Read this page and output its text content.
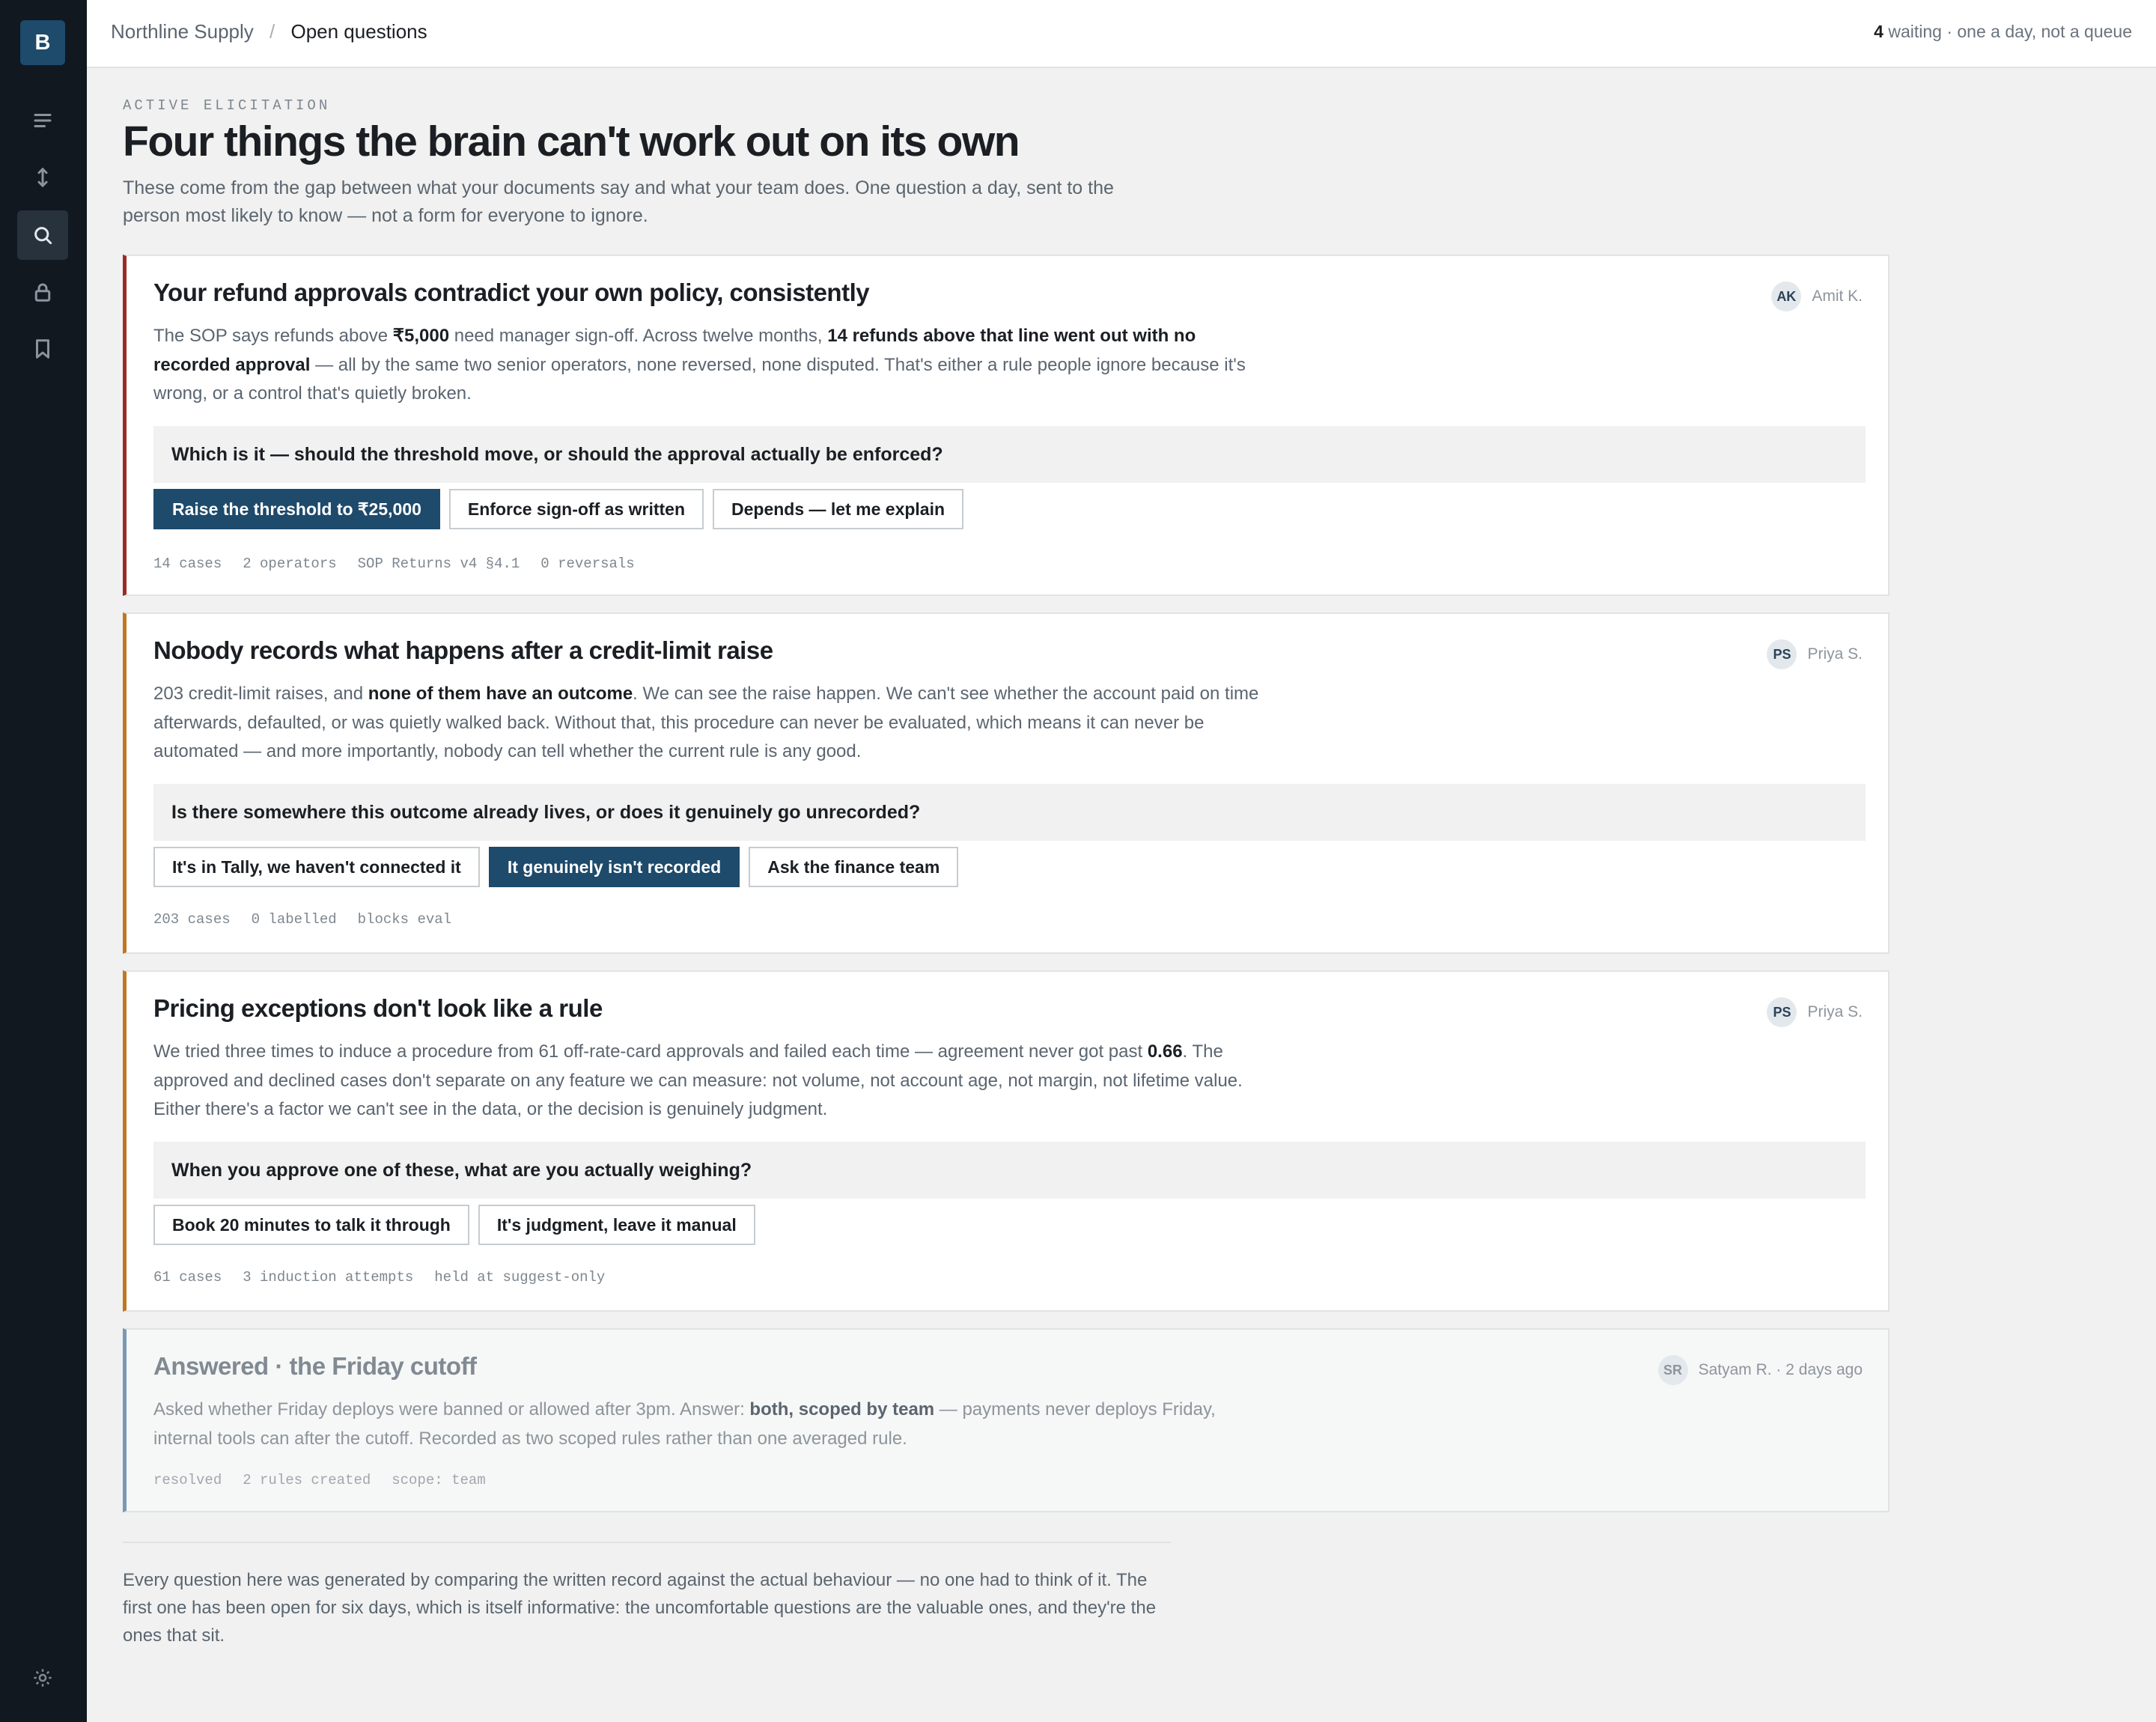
B	Northline Supply / Open questions	4 waiting · one a day, not a queue
ACTIVE ELICITATION
Four things the brain can't work out on its own
These come from the gap between what your documents say and what your team does. One question a day, sent to the person most likely to know — not a form for everyone to ignore.
Your refund approvals contradict your own policy, consistently	AK	Amit K.
The SOP says refunds above ₹5,000 need manager sign-off. Across twelve months, 14 refunds above that line went out with no recorded approval — all by the same two senior operators, none reversed, none disputed. That's either a rule people ignore because it's wrong, or a control that's quietly broken.
Which is it — should the threshold move, or should the approval actually be enforced?
Raise the threshold to ₹25,000	Enforce sign-off as written	Depends — let me explain
14 cases 2 operators SOP Returns v4 §4.1 0 reversals
Nobody records what happens after a credit-limit raise	PS	Priya S.
203 credit-limit raises, and none of them have an outcome. We can see the raise happen. We can't see whether the account paid on time afterwards, defaulted, or was quietly walked back. Without that, this procedure can never be evaluated, which means it can never be automated — and more importantly, nobody can tell whether the current rule is any good.
Is there somewhere this outcome already lives, or does it genuinely go unrecorded?
It's in Tally, we haven't connected it	It genuinely isn't recorded	Ask the finance team
203 cases 0 labelled blocks eval
Pricing exceptions don't look like a rule	PS	Priya S.
We tried three times to induce a procedure from 61 off-rate-card approvals and failed each time — agreement never got past 0.66. The approved and declined cases don't separate on any feature we can measure: not volume, not account age, not margin, not lifetime value. Either there's a factor we can't see in the data, or the decision is genuinely judgment.
When you approve one of these, what are you actually weighing?
Book 20 minutes to talk it through	It's judgment, leave it manual
61 cases 3 induction attempts held at suggest-only
Answered · the Friday cutoff	SR	Satyam R. · 2 days ago
Asked whether Friday deploys were banned or allowed after 3pm. Answer: both, scoped by team — payments never deploys Friday, internal tools can after the cutoff. Recorded as two scoped rules rather than one averaged rule.
resolved 2 rules created scope: team
Every question here was generated by comparing the written record against the actual behaviour — no one had to think of it. The first one has been open for six days, which is itself informative: the uncomfortable questions are the valuable ones, and they're the ones that sit.
